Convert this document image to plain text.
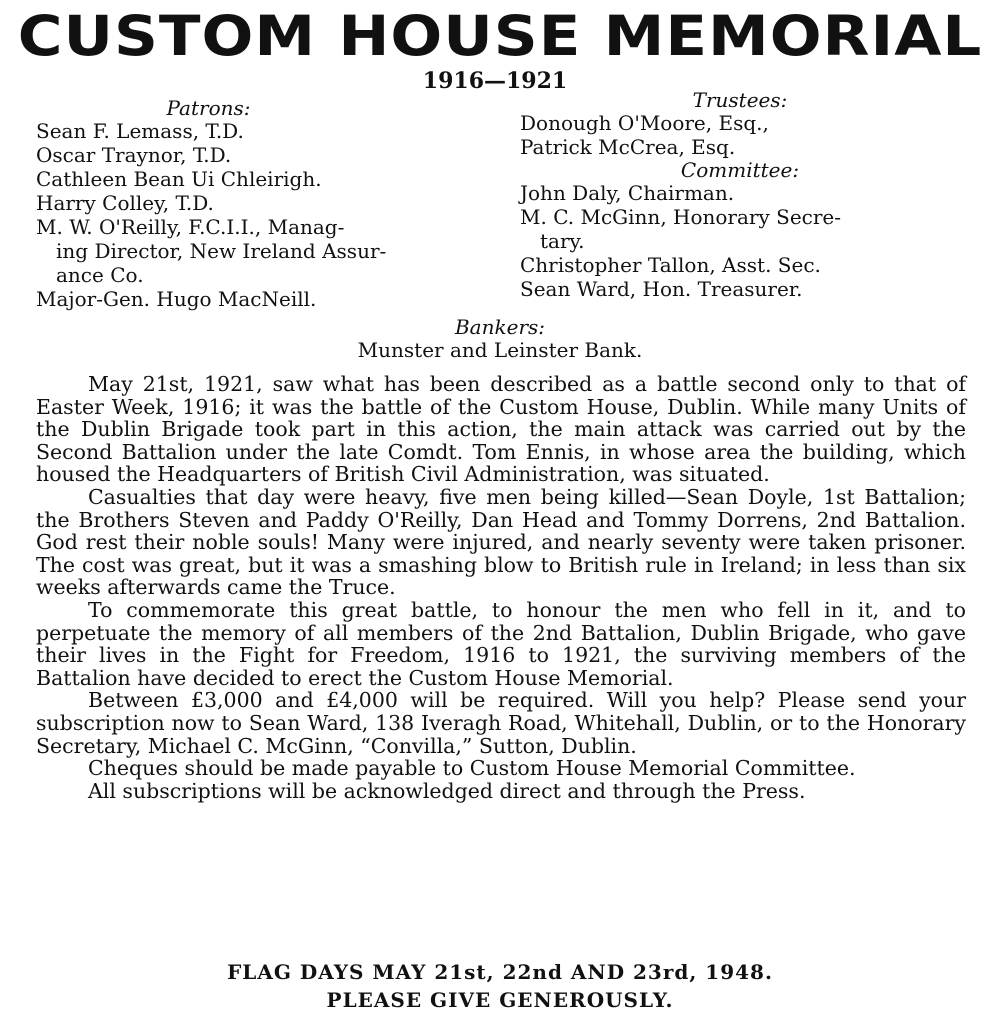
CUSTOM HOUSE MEMORIAL
1916—1921
Patrons:
Sean F. Lemass, T.D.
Oscar Traynor, T.D.
Cathleen Bean Ui Chleirigh.
Harry Colley, T.D.
M. W. O'Reilly, F.C.I.I., Manag-
ing Director, New Ireland Assur-
ance Co.
Major-Gen. Hugo MacNeill.
Trustees:
Donough O'Moore, Esq.,
Patrick McCrea, Esq.
Committee:
John Daly, Chairman.
M. C. McGinn, Honorary Secre-
tary.
Christopher Tallon, Asst. Sec.
Sean Ward, Hon. Treasurer.
Bankers:
Munster and Leinster Bank.

May 21st, 1921, saw what has been described as a battle second only to that of Easter Week, 1916; it was the battle of the Custom House, Dublin. While many Units of the Dublin Brigade took part in this action, the main attack was carried out by the Second Battalion under the late Comdt. Tom Ennis, in whose area the building, which housed the Headquarters of British Civil Administration, was situated.

Casualties that day were heavy, five men being killed—Sean Doyle, 1st Battalion; the Brothers Steven and Paddy O'Reilly, Dan Head and Tommy Dorrens, 2nd Battalion. God rest their noble souls! Many were injured, and nearly seventy were taken prisoner. The cost was great, but it was a smashing blow to British rule in Ireland; in less than six weeks afterwards came the Truce.

To commemorate this great battle, to honour the men who fell in it, and to perpetuate the memory of all members of the 2nd Battalion, Dublin Brigade, who gave their lives in the Fight for Freedom, 1916 to 1921, the surviving members of the Battalion have decided to erect the Custom House Memorial.

Between £3,000 and £4,000 will be required. Will you help? Please send your subscription now to Sean Ward, 138 Iveragh Road, Whitehall, Dublin, or to the Honorary Secretary, Michael C. McGinn, “Convilla,” Sutton, Dublin.

Cheques should be made payable to Custom House Memorial Committee.

All subscriptions will be acknowledged direct and through the Press.

FLAG DAYS MAY 21st, 22nd AND 23rd, 1948.
PLEASE GIVE GENEROUSLY.
